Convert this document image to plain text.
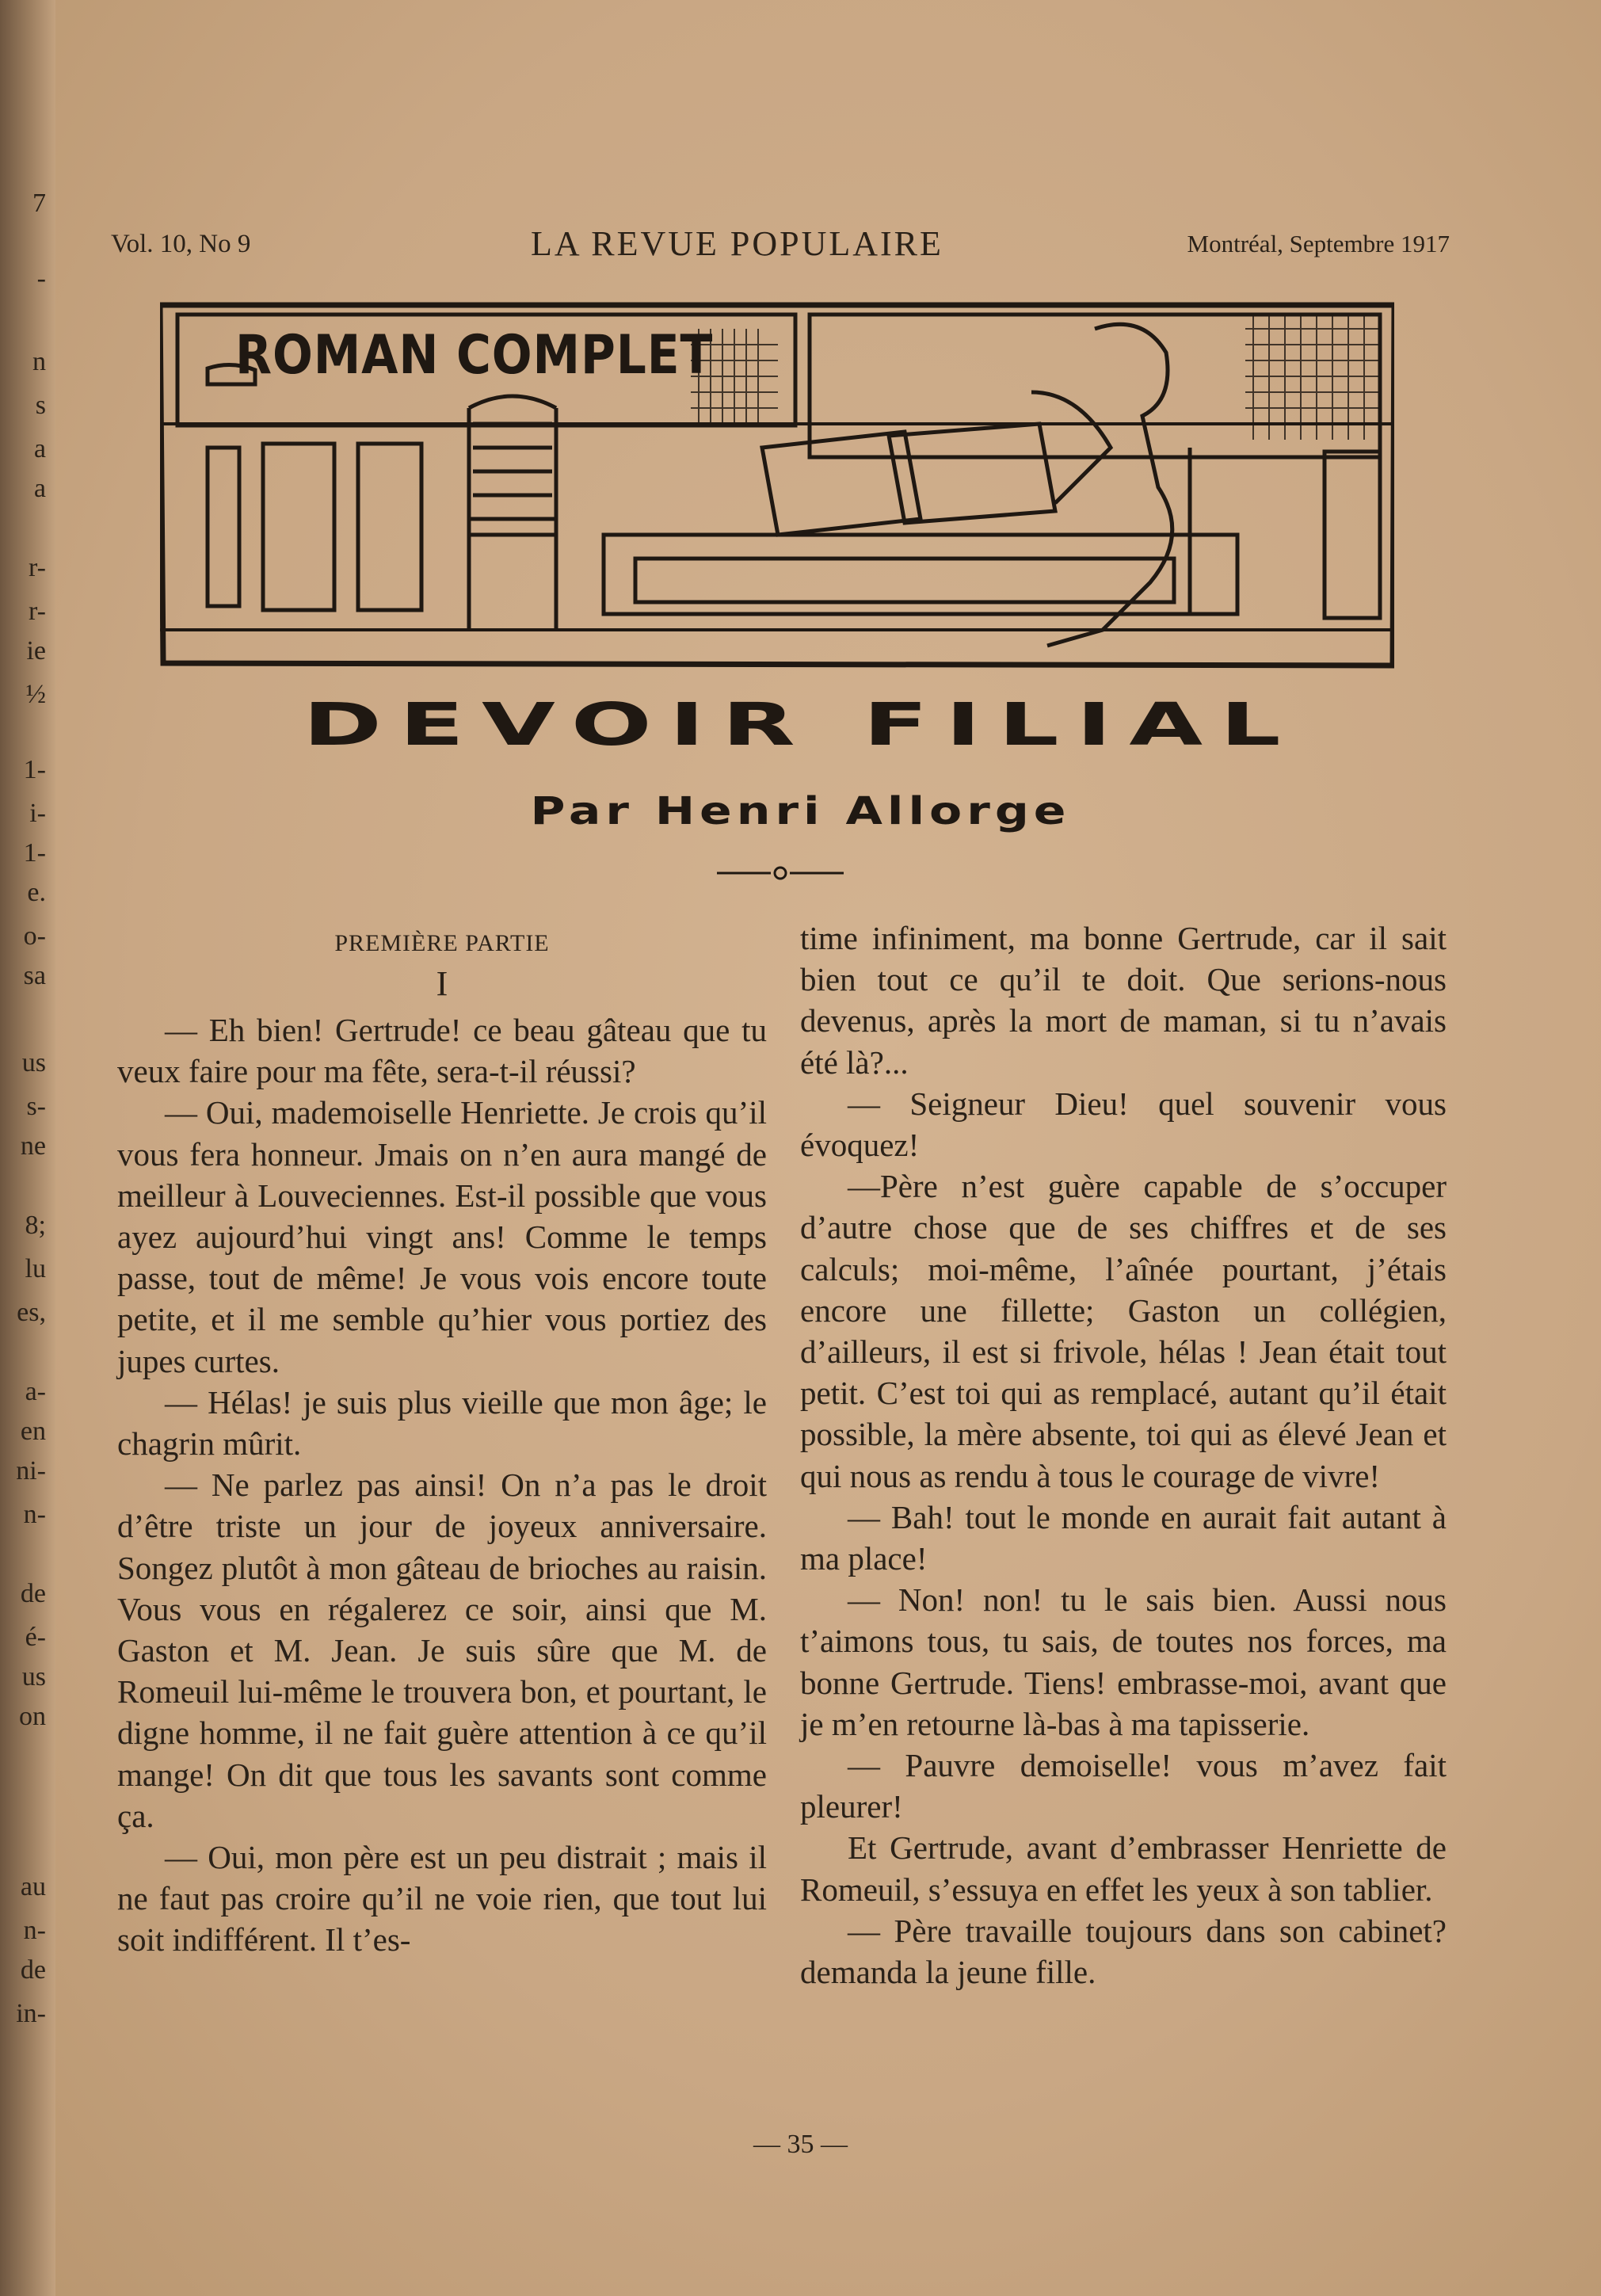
7
-
n
s
a
a
r-
r-
ie
½
1-
i-
1-
e.
o-
sa
us
s-
ne
8;
lu
es,
a-
en
ni-
n-
de
é-
us
on
au
n-
de
in-
Vol. 10, No 9	LA REVUE POPULAIRE	Montréal, Septembre 1917
ROMAN COMPLET
DEVOIR FILIAL
Par Henri Allorge

PREMIÈRE PARTIE

I

— Eh bien! Gertrude! ce beau gâteau que tu veux faire pour ma fête, sera-t-il réussi?

— Oui, mademoiselle Henriette. Je crois qu’il vous fera honneur. Jmais on n’en aura mangé de meilleur à Louveciennes. Est-il possible que vous ayez aujourd’hui vingt ans! Comme le temps passe, tout de même! Je vous vois encore toute petite, et il me semble qu’hier vous portiez des jupes curtes.

— Hélas! je suis plus vieille que mon âge; le chagrin mûrit.

— Ne parlez pas ainsi! On n’a pas le droit d’être triste un jour de joyeux anniversaire. Songez plutôt à mon gâteau de brioches au raisin. Vous vous en régalerez ce soir, ainsi que M. Gaston et M. Jean. Je suis sûre que M. de Romeuil lui-même le trouvera bon, et pourtant, le digne homme, il ne fait guère attention à ce qu’il mange! On dit que tous les savants sont comme ça.

— Oui, mon père est un peu distrait ; mais il ne faut pas croire qu’il ne voie rien, que tout lui soit indifférent. Il t’es-

time infiniment, ma bonne Gertrude, car il sait bien tout ce qu’il te doit. Que serions-nous devenus, après la mort de maman, si tu n’avais été là?...

— Seigneur Dieu! quel souvenir vous évoquez!

—Père n’est guère capable de s’occuper d’autre chose que de ses chiffres et de ses calculs; moi-même, l’aînée pourtant, j’étais encore une fillette; Gaston un collégien, d’ailleurs, il est si frivole, hélas ! Jean était tout petit. C’est toi qui as remplacé, autant qu’il était possible, la mère absente, toi qui as élevé Jean et qui nous as rendu à tous le courage de vivre!

— Bah! tout le monde en aurait fait autant à ma place!

— Non! non! tu le sais bien. Aussi nous t’aimons tous, tu sais, de toutes nos forces, ma bonne Gertrude. Tiens! embrasse-moi, avant que je m’en retourne là-bas à ma tapisserie.

— Pauvre demoiselle! vous m’avez fait pleurer!

Et Gertrude, avant d’embrasser Henriette de Romeuil, s’essuya en effet les yeux à son tablier.

— Père travaille toujours dans son cabinet? demanda la jeune fille.

— 35 —
